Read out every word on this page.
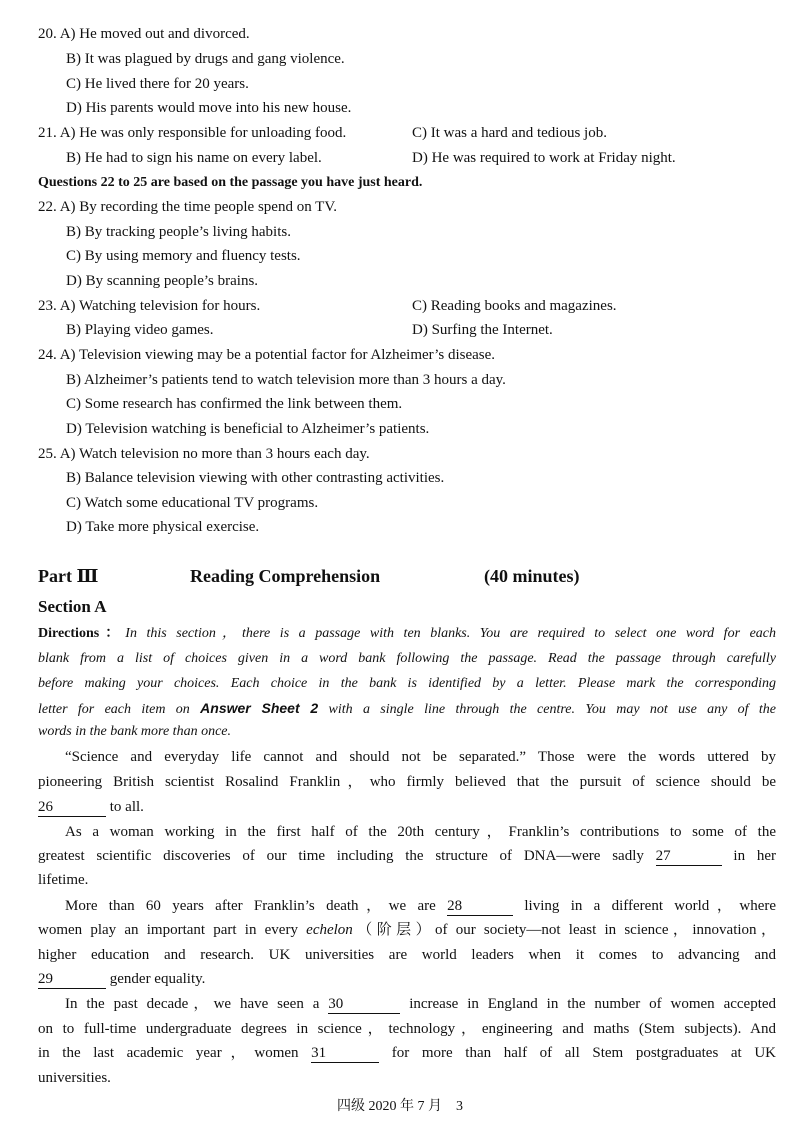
20. A) He moved out and divorced.
B) It was plagued by drugs and gang violence.
C) He lived there for 20 years.
D) His parents would move into his new house.
21. A) He was only responsible for unloading food.	C) It was a hard and tedious job.
B) He had to sign his name on every label.	D) He was required to work at Friday night.
Questions 22 to 25 are based on the passage you have just heard.
22. A) By recording the time people spend on TV.
B) By tracking people’s living habits.
C) By using memory and fluency tests.
D) By scanning people’s brains.
23. A) Watching television for hours.	C) Reading books and magazines.
B) Playing video games.	D) Surfing the Internet.
24. A) Television viewing may be a potential factor for Alzheimer’s disease.
B) Alzheimer’s patients tend to watch television more than 3 hours a day.
C) Some research has confirmed the link between them.
D) Television watching is beneficial to Alzheimer’s patients.
25. A) Watch television no more than 3 hours each day.
B) Balance television viewing with other contrasting activities.
C) Watch some educational TV programs.
D) Take more physical exercise.
Part Ⅲ	Reading Comprehension	(40 minutes)
Section A
Directions：In this section，there is a passage with ten blanks. You are required to select one word for each
blank from a list of choices given in a word bank following the passage. Read the passage through carefully
before making your choices. Each choice in the bank is identified by a letter. Please mark the corresponding
letter for each item on Answer Sheet 2 with a single line through the centre. You may not use any of the
words in the bank more than once.
“Science and everyday life cannot and should not be separated.” Those were the words uttered by
pioneering British scientist Rosalind Franklin，who firmly believed that the pursuit of science should be
26	to all.
As a woman working in the first half of the 20th century，Franklin’s contributions to some of the
greatest scientific discoveries of our time including the structure of DNA—were sadly 27	in her
lifetime.
More than 60 years after Franklin’s death，we are 28	living in a different world，where
women play an important part in every echelon（阶层）of our society—not least in science，innovation，
higher education and research. UK universities are world leaders when it comes to advancing and
29	gender equality.
In the past decade，we have seen a 30	increase in England in the number of women accepted
on to full-time undergraduate degrees in science，technology，engineering and maths (Stem subjects). And
in the last academic year，women 31	for more than half of all Stem postgraduates at UK
universities.
四级 2020 年 7 月　3
